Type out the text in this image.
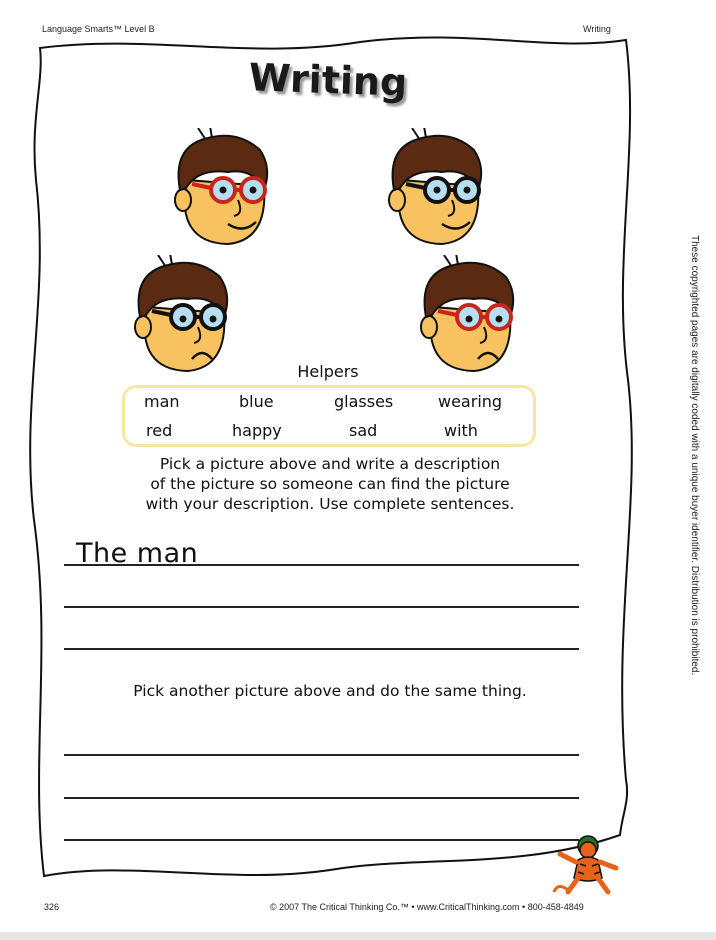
Language Smarts™ Level B	Writing
Writing
Helpers
man	blue	glasses	wearing
red	happy	sad	with
Pick a picture above and write a description
of the picture so someone can find the picture
with your description. Use complete sentences.
The man
Pick another picture above and do the same thing.
These copyrighted pages are digitally coded with a unique buyer identifier. Distribution is prohibited.
326	© 2007 The Critical Thinking Co.™ • www.CriticalThinking.com • 800-458-4849
